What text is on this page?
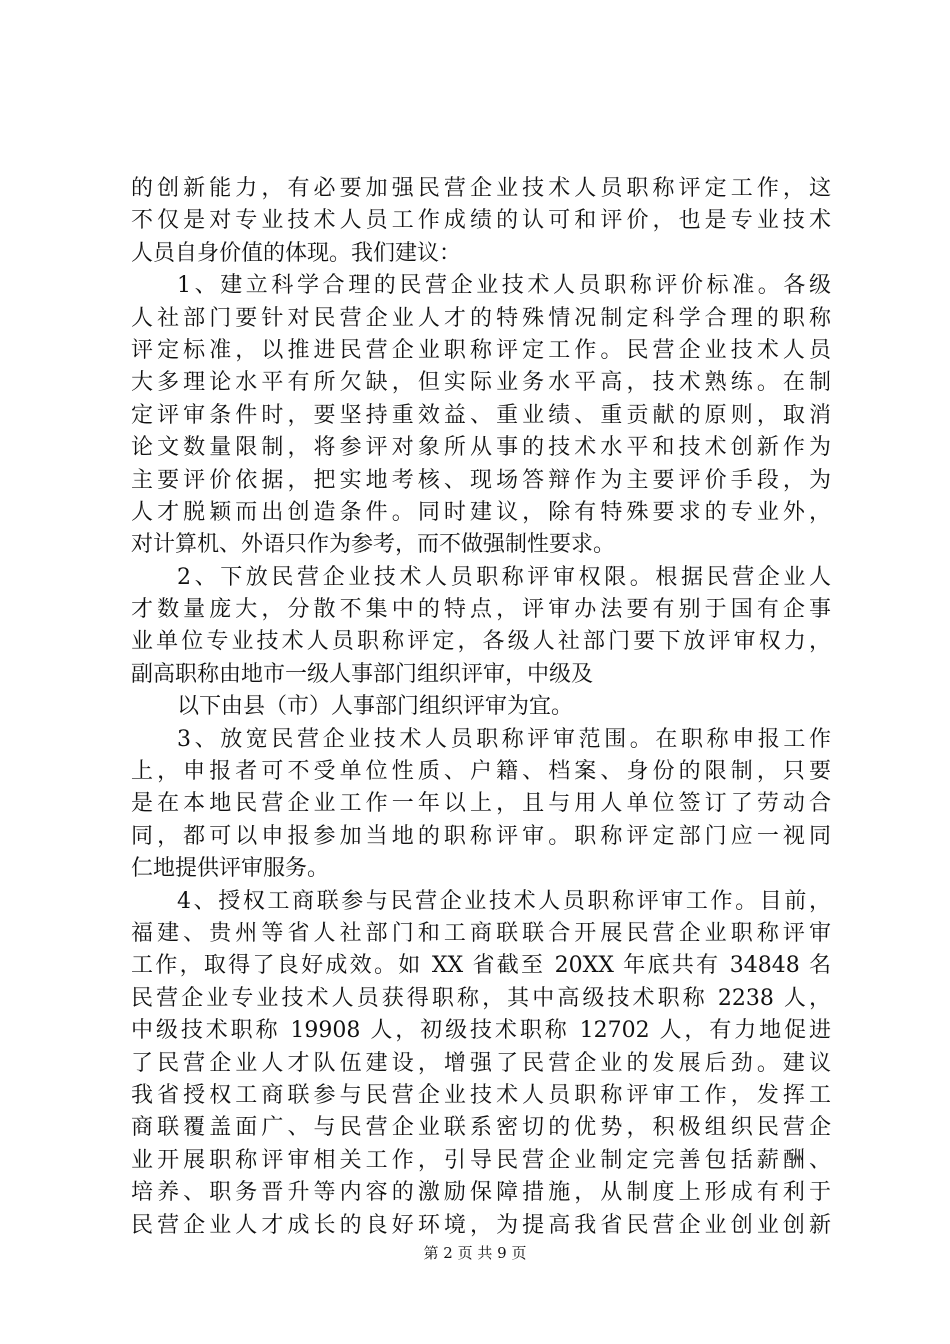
的创新能力，有必要加强民营企业技术人员职称评定工作，这
不仅是对专业技术人员工作成绩的认可和评价，也是专业技术
人员自身价值的体现。我们建议：
1、建立科学合理的民营企业技术人员职称评价标准。各级
人社部门要针对民营企业人才的特殊情况制定科学合理的职称
评定标准，以推进民营企业职称评定工作。民营企业技术人员
大多理论水平有所欠缺，但实际业务水平高，技术熟练。在制
定评审条件时，要坚持重效益、重业绩、重贡献的原则，取消
论文数量限制，将参评对象所从事的技术水平和技术创新作为
主要评价依据，把实地考核、现场答辩作为主要评价手段，为
人才脱颖而出创造条件。同时建议，除有特殊要求的专业外，
对计算机、外语只作为参考，而不做强制性要求。
2、下放民营企业技术人员职称评审权限。根据民营企业人
才数量庞大，分散不集中的特点，评审办法要有别于国有企事
业单位专业技术人员职称评定，各级人社部门要下放评审权力，
副高职称由地市一级人事部门组织评审，中级及
以下由县（市）人事部门组织评审为宜。
3、放宽民营企业技术人员职称评审范围。在职称申报工作
上，申报者可不受单位性质、户籍、档案、身份的限制，只要
是在本地民营企业工作一年以上，且与用人单位签订了劳动合
同，都可以申报参加当地的职称评审。职称评定部门应一视同
仁地提供评审服务。
4、授权工商联参与民营企业技术人员职称评审工作。目前，
福建、贵州等省人社部门和工商联联合开展民营企业职称评审
工作，取得了良好成效。如 XX 省截至 20XX 年底共有 34848 名
民营企业专业技术人员获得职称，其中高级技术职称 2238 人，
中级技术职称 19908 人，初级技术职称 12702 人，有力地促进
了民营企业人才队伍建设，增强了民营企业的发展后劲。建议
我省授权工商联参与民营企业技术人员职称评审工作，发挥工
商联覆盖面广、与民营企业联系密切的优势，积极组织民营企
业开展职称评审相关工作，引导民营企业制定完善包括薪酬、
培养、职务晋升等内容的激励保障措施，从制度上形成有利于
民营企业人才成长的良好环境，为提高我省民营企业创业创新
第 2 页 共 9 页
